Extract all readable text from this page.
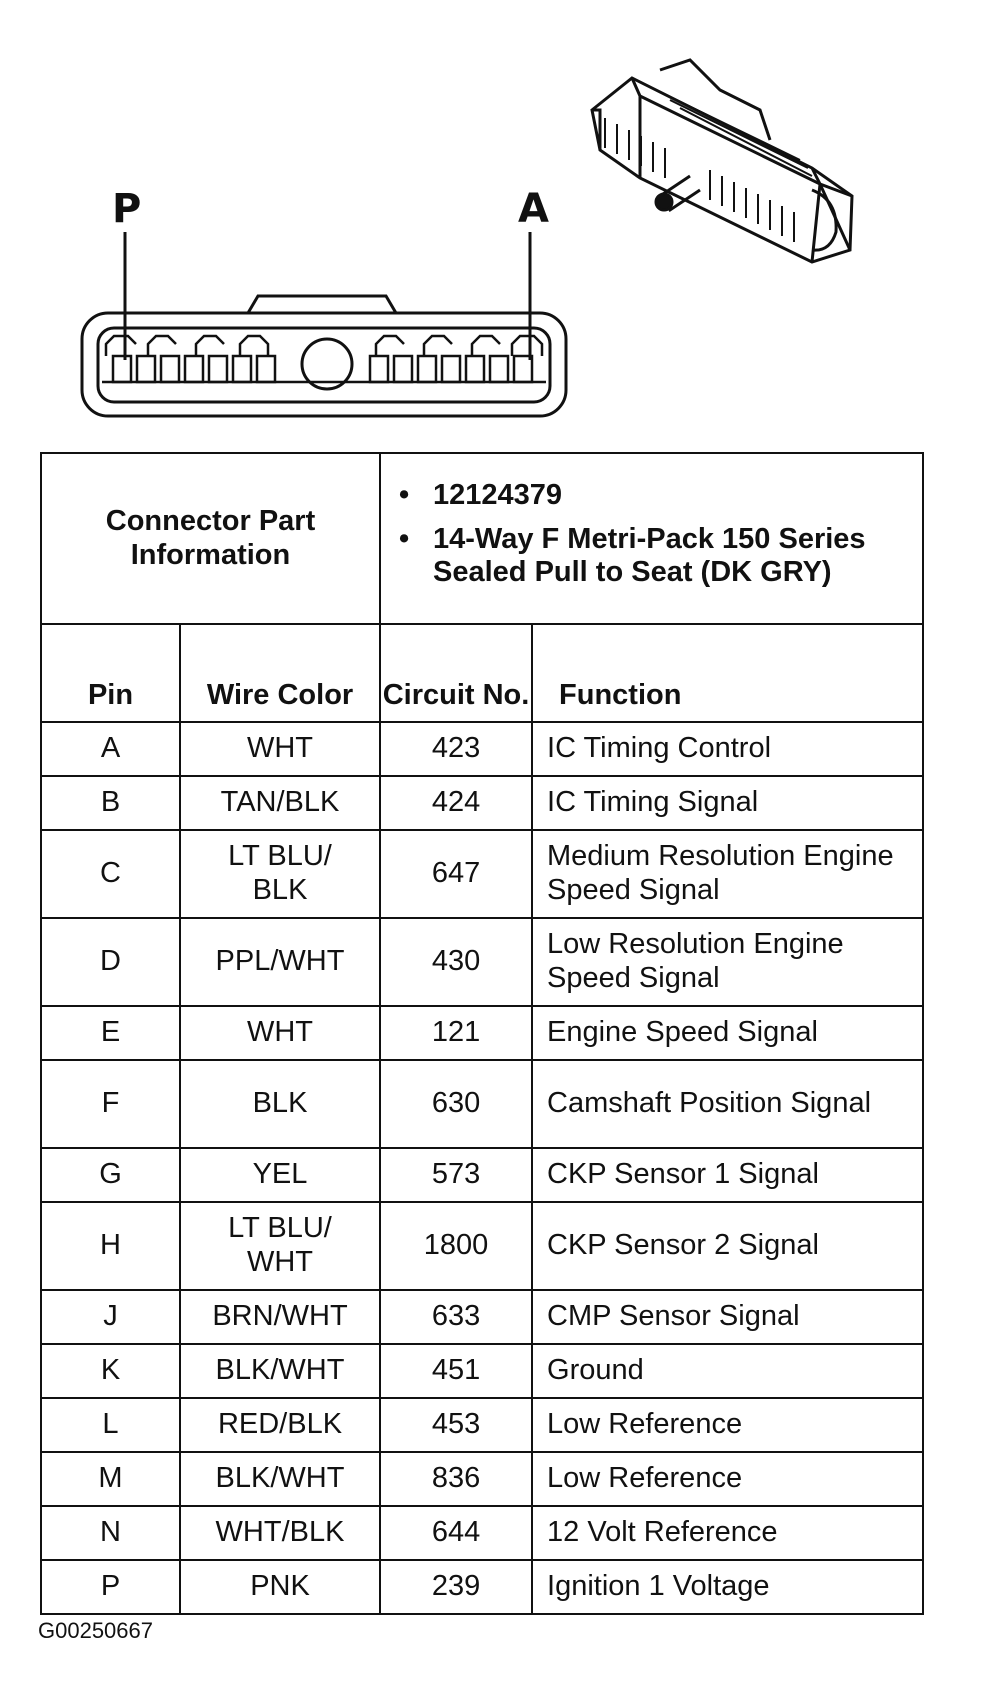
P	A
Connector Part Information		• 12124379
• 14-Way F Metri-Pack 150 Series Sealed Pull to Seat (DK GRY)

Pin	Wire Color	Circuit No.	Function
A	WHT	423	IC Timing Control
B	TAN/BLK	424	IC Timing Signal
C	LT BLU/ BLK	647	Medium Resolution Engine Speed Signal
D	PPL/WHT	430	Low Resolution Engine Speed Signal
E	WHT	121	Engine Speed Signal
F	BLK	630	Camshaft Position Signal
G	YEL	573	CKP Sensor 1 Signal
H	LT BLU/ WHT	1800	CKP Sensor 2 Signal
J	BRN/WHT	633	CMP Sensor Signal
K	BLK/WHT	451	Ground
L	RED/BLK	453	Low Reference
M	BLK/WHT	836	Low Reference
N	WHT/BLK	644	12 Volt Reference
P	PNK	239	Ignition 1 Voltage
G00250667
